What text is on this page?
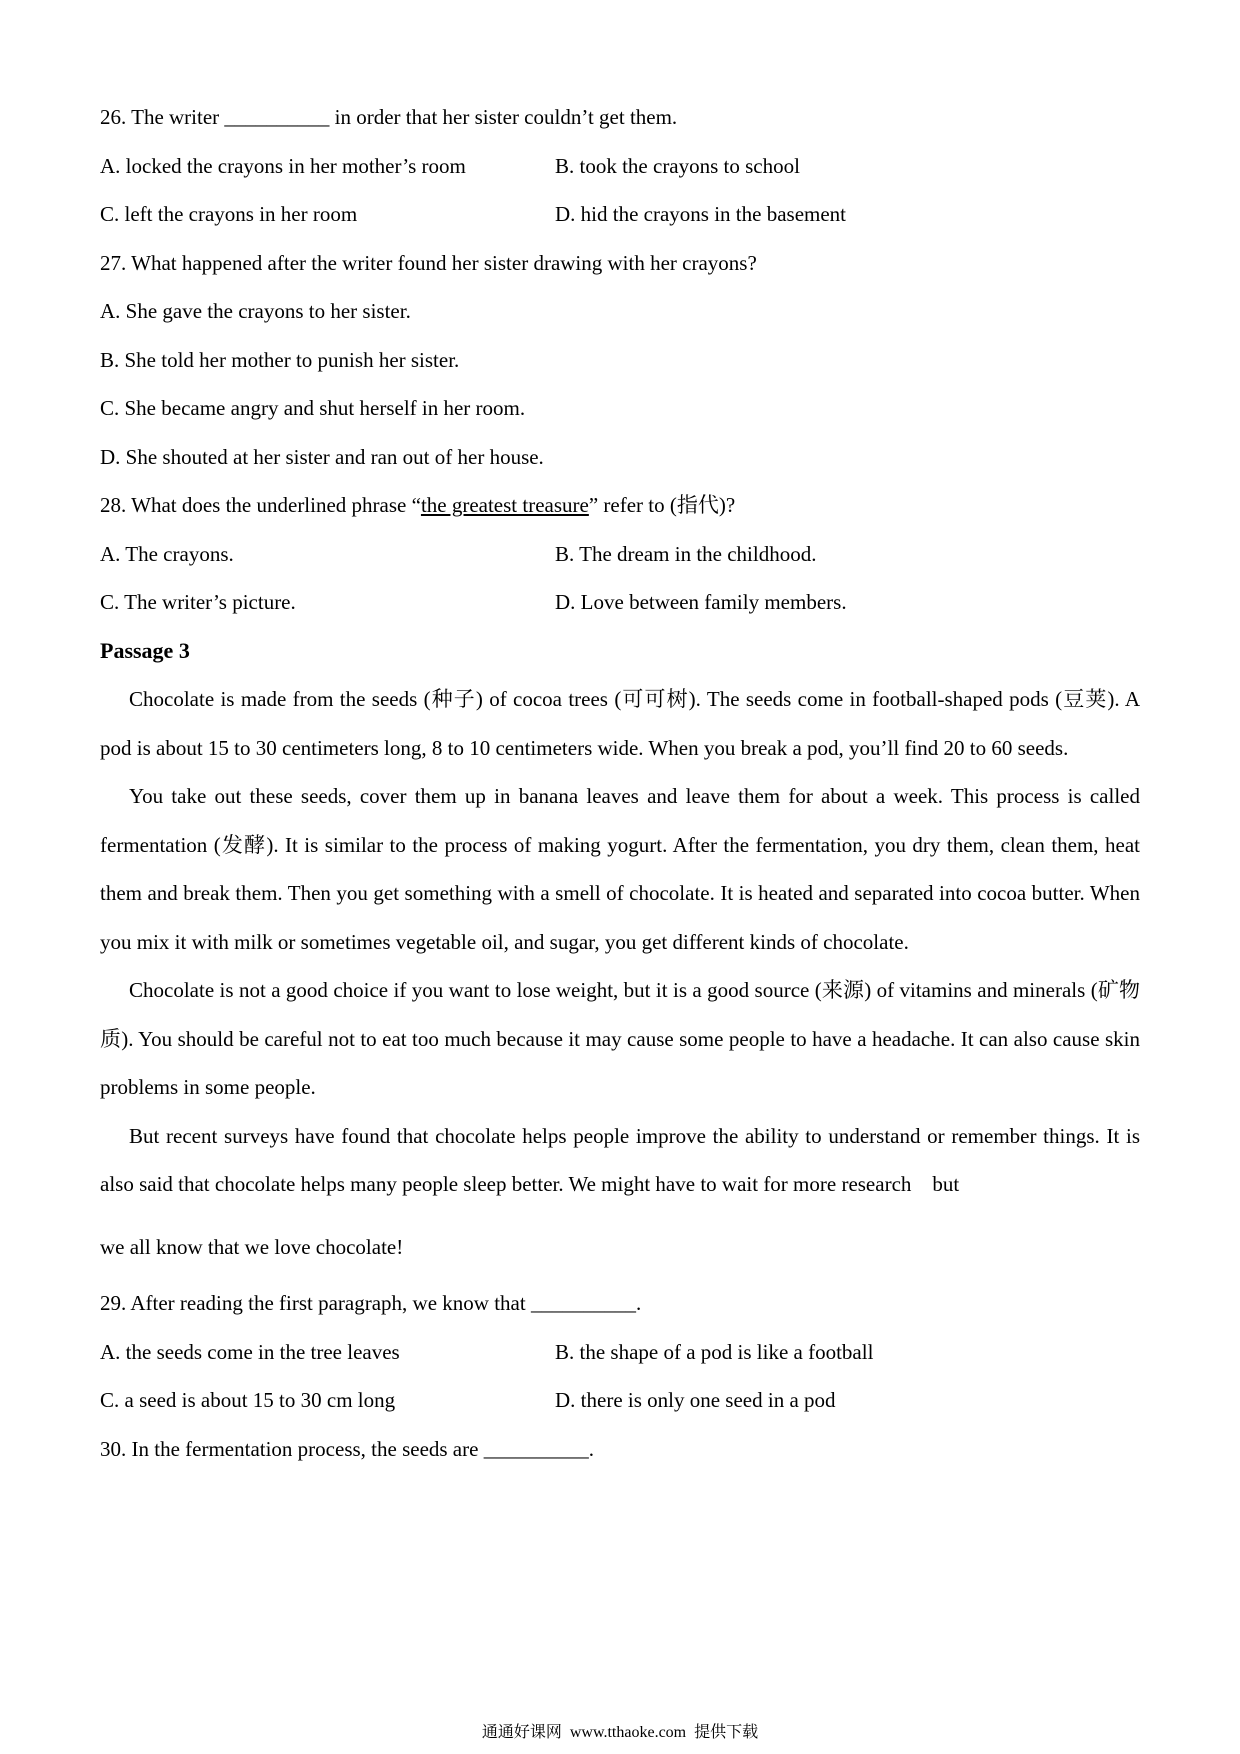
26. The writer __________ in order that her sister couldn’t get them.

A. locked the crayons in her mother’s room	B. took the crayons to school
C. left the crayons in her room	D. hid the crayons in the basement

27. What happened after the writer found her sister drawing with her crayons?

A. She gave the crayons to her sister.

B. She told her mother to punish her sister.

C. She became angry and shut herself in her room.

D. She shouted at her sister and ran out of her house.

28. What does the underlined phrase “the greatest treasure” refer to (指代)?

A. The crayons.	B. The dream in the childhood.
C. The writer’s picture.	D. Love between family members.

Passage 3

Chocolate is made from the seeds (种子) of cocoa trees (可可树). The seeds come in football-shaped pods (豆荚). A pod is about 15 to 30 centimeters long, 8 to 10 centimeters wide. When you break a pod, you’ll find 20 to 60 seeds.

You take out these seeds, cover them up in banana leaves and leave them for about a week. This process is called fermentation (发酵). It is similar to the process of making yogurt. After the fermentation, you dry them, clean them, heat them and break them. Then you get something with a smell of chocolate. It is heated and separated into cocoa butter. When you mix it with milk or sometimes vegetable oil, and sugar, you get different kinds of chocolate.

Chocolate is not a good choice if you want to lose weight, but it is a good source (来源) of vitamins and minerals (矿物质). You should be careful not to eat too much because it may cause some people to have a headache. It can also cause skin problems in some people.

But recent surveys have found that chocolate helps people improve the ability to understand or remember things. It is also said that chocolate helps many people sleep better. We might have to wait for more research but

we all know that we love chocolate!

29. After reading the first paragraph, we know that __________.

A. the seeds come in the tree leaves	B. the shape of a pod is like a football
C. a seed is about 15 to 30 cm long	D. there is only one seed in a pod

30. In the fermentation process, the seeds are __________.

通通好课网 www.tthaoke.com 提供下载
